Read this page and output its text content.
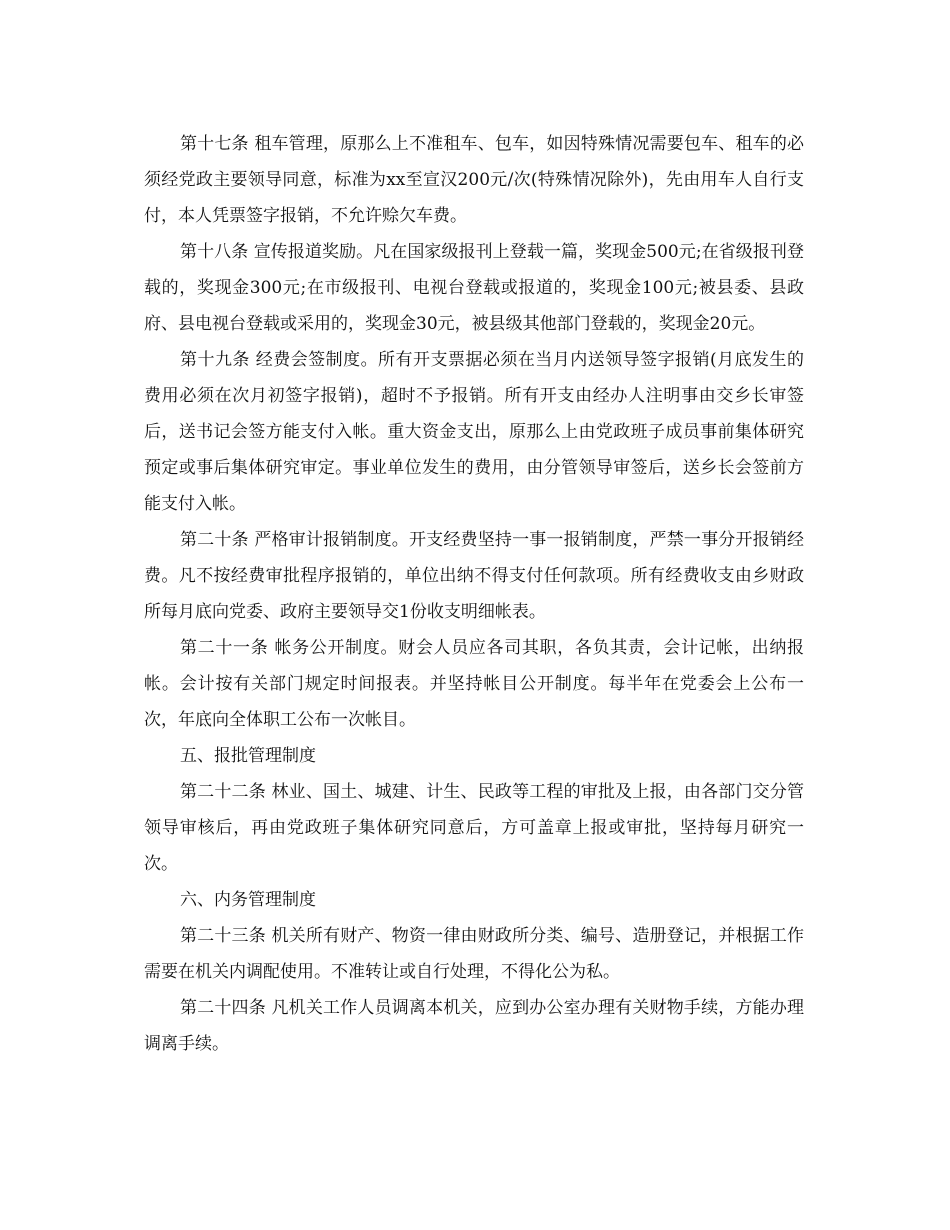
第十七条 租车管理，原那么上不准租车、包车，如因特殊情况需要包车、租车的必须经党政主要领导同意，标准为xx至宣汉200元/次(特殊情况除外)，先由用车人自行支付，本人凭票签字报销，不允许赊欠车费。

第十八条 宣传报道奖励。凡在国家级报刊上登载一篇，奖现金500元;在省级报刊登载的，奖现金300元;在市级报刊、电视台登载或报道的，奖现金100元;被县委、县政府、县电视台登载或采用的，奖现金30元，被县级其他部门登载的，奖现金20元。

第十九条 经费会签制度。所有开支票据必须在当月内送领导签字报销(月底发生的费用必须在次月初签字报销)，超时不予报销。所有开支由经办人注明事由交乡长审签后，送书记会签方能支付入帐。重大资金支出，原那么上由党政班子成员事前集体研究预定或事后集体研究审定。事业单位发生的费用，由分管领导审签后，送乡长会签前方能支付入帐。

第二十条 严格审计报销制度。开支经费坚持一事一报销制度，严禁一事分开报销经费。凡不按经费审批程序报销的，单位出纳不得支付任何款项。所有经费收支由乡财政所每月底向党委、政府主要领导交1份收支明细帐表。

第二十一条 帐务公开制度。财会人员应各司其职，各负其责，会计记帐，出纳报帐。会计按有关部门规定时间报表。并坚持帐目公开制度。每半年在党委会上公布一次，年底向全体职工公布一次帐目。

五、报批管理制度

第二十二条 林业、国土、城建、计生、民政等工程的审批及上报，由各部门交分管领导审核后，再由党政班子集体研究同意后，方可盖章上报或审批，坚持每月研究一次。

六、内务管理制度

第二十三条 机关所有财产、物资一律由财政所分类、编号、造册登记，并根据工作需要在机关内调配使用。不准转让或自行处理，不得化公为私。

第二十四条 凡机关工作人员调离本机关，应到办公室办理有关财物手续，方能办理调离手续。
